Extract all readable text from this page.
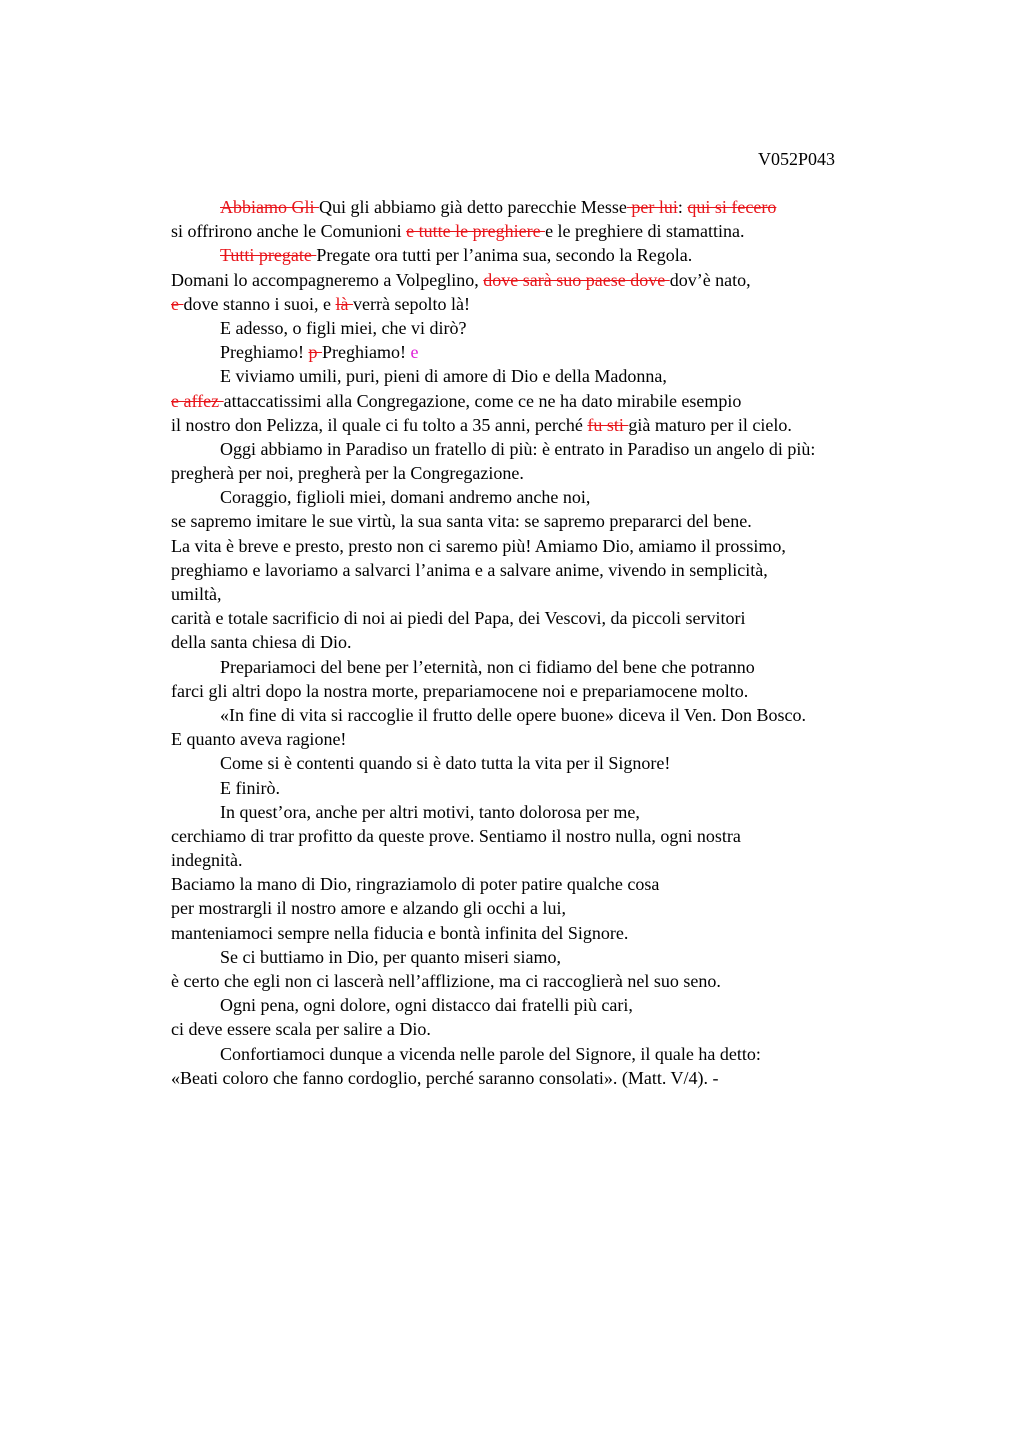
V052P043
Abbiamo Gli Qui gli abbiamo già detto parecchie Messe per lui: qui si fecero
si offrirono anche le Comunioni e tutte le preghiere e le preghiere di stamattina.
Tutti pregate Pregate ora tutti per l’anima sua, secondo la Regola.
Domani lo accompagneremo a Volpeglino, dove sarà suo paese dove dov’è nato,
e dove stanno i suoi, e là verrà sepolto là!
E adesso, o figli miei, che vi dirò?
Preghiamo! p Preghiamo! e
E viviamo umili, puri, pieni di amore di Dio e della Madonna,
e affez attaccatissimi alla Congregazione, come ce ne ha dato mirabile esempio
il nostro don Pelizza, il quale ci fu tolto a 35 anni, perché fu sti già maturo per il cielo.
Oggi abbiamo in Paradiso un fratello di più: è entrato in Paradiso un angelo di più:
pregherà per noi, pregherà per la Congregazione.
Coraggio, figlioli miei, domani andremo anche noi,
se sapremo imitare le sue virtù, la sua santa vita: se sapremo prepararci del bene.
La vita è breve e presto, presto non ci saremo più! Amiamo Dio, amiamo il prossimo,
preghiamo e lavoriamo a salvarci l’anima e a salvare anime, vivendo in semplicità,
umiltà,
carità e totale sacrificio di noi ai piedi del Papa, dei Vescovi, da piccoli servitori
della santa chiesa di Dio.
Prepariamoci del bene per l’eternità, non ci fidiamo del bene che potranno
farci gli altri dopo la nostra morte, prepariamocene noi e prepariamocene molto.
«In fine di vita si raccoglie il frutto delle opere buone» diceva il Ven. Don Bosco.
E quanto aveva ragione!
Come si è contenti quando si è dato tutta la vita per il Signore!
E finirò.
In quest’ora, anche per altri motivi, tanto dolorosa per me,
cerchiamo di trar profitto da queste prove. Sentiamo il nostro nulla, ogni nostra
indegnità.
Baciamo la mano di Dio, ringraziamolo di poter patire qualche cosa
per mostrargli il nostro amore e alzando gli occhi a lui,
manteniamoci sempre nella fiducia e bontà infinita del Signore.
Se ci buttiamo in Dio, per quanto miseri siamo,
è certo che egli non ci lascerà nell’afflizione, ma ci raccoglierà nel suo seno.
Ogni pena, ogni dolore, ogni distacco dai fratelli più cari,
ci deve essere scala per salire a Dio.
Confortiamoci dunque a vicenda nelle parole del Signore, il quale ha detto:
«Beati coloro che fanno cordoglio, perché saranno consolati». (Matt. V/4). -
